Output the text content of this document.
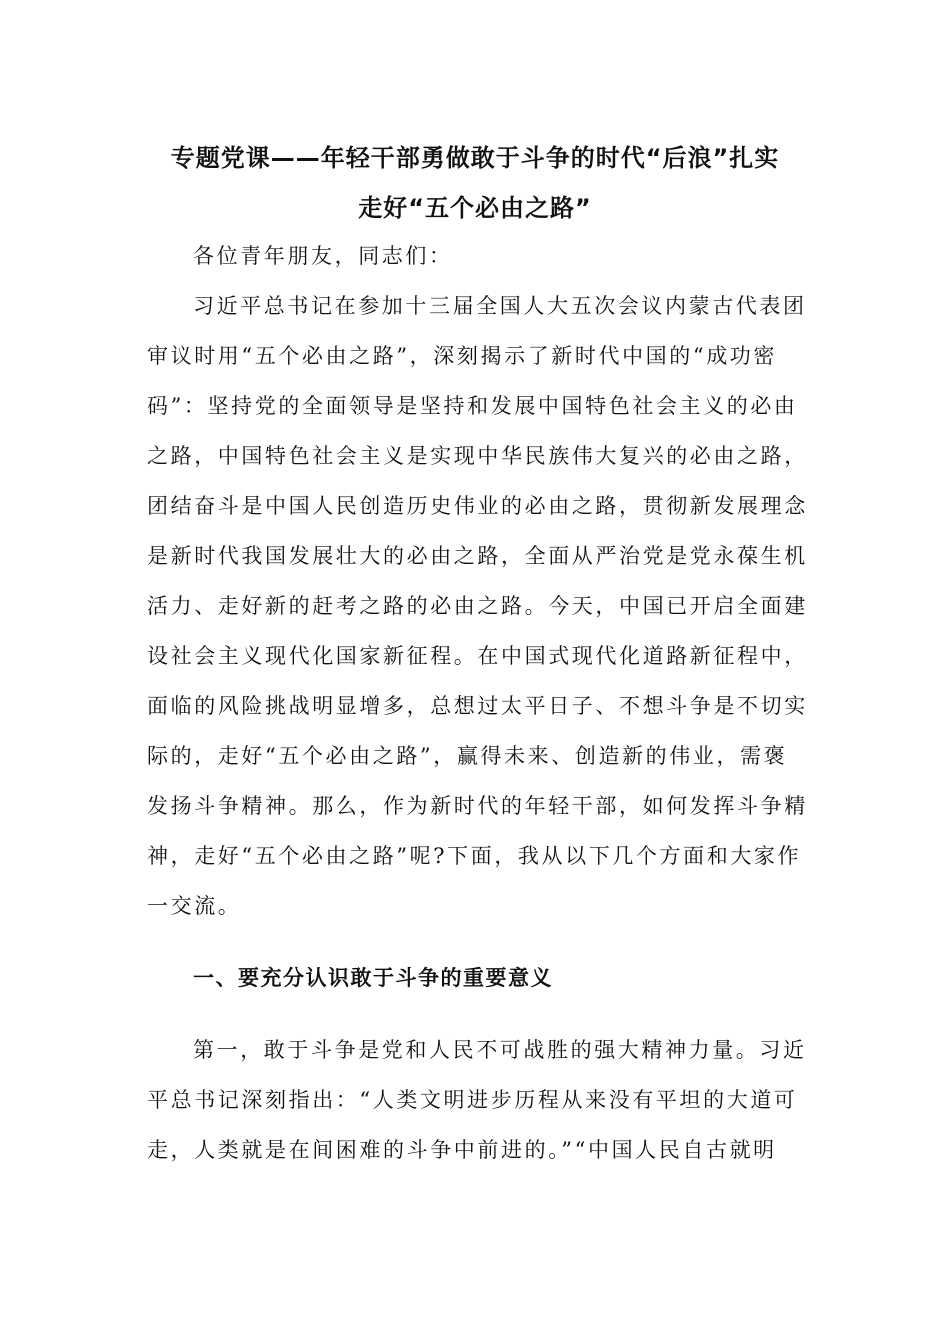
专题党课——年轻干部勇做敢于斗争的时代“后浪”扎实
走好“五个必由之路”
各位青年朋友，同志们：
习近平总书记在参加十三届全国人大五次会议内蒙古代表团
审议时用“五个必由之路”，深刻揭示了新时代中国的“成功密
码”：坚持党的全面领导是坚持和发展中国特色社会主义的必由
之路，中国特色社会主义是实现中华民族伟大复兴的必由之路，
团结奋斗是中国人民创造历史伟业的必由之路，贯彻新发展理念
是新时代我国发展壮大的必由之路，全面从严治党是党永葆生机
活力、走好新的赶考之路的必由之路。今天，中国已开启全面建
设社会主义现代化国家新征程。在中国式现代化道路新征程中，
面临的风险挑战明显增多，总想过太平日子、不想斗争是不切实
际的，走好“五个必由之路”，赢得未来、创造新的伟业，需褒
发扬斗争精神。那么，作为新时代的年轻干部，如何发挥斗争精
神，走好“五个必由之路”呢?下面，我从以下几个方面和大家作
一交流。
一、要充分认识敢于斗争的重要意义
第一，敢于斗争是党和人民不可战胜的强大精神力量。习近
平总书记深刻指出：“人类文明进步历程从来没有平坦的大道可
走，人类就是在间困难的斗争中前进的。”“中国人民自古就明
